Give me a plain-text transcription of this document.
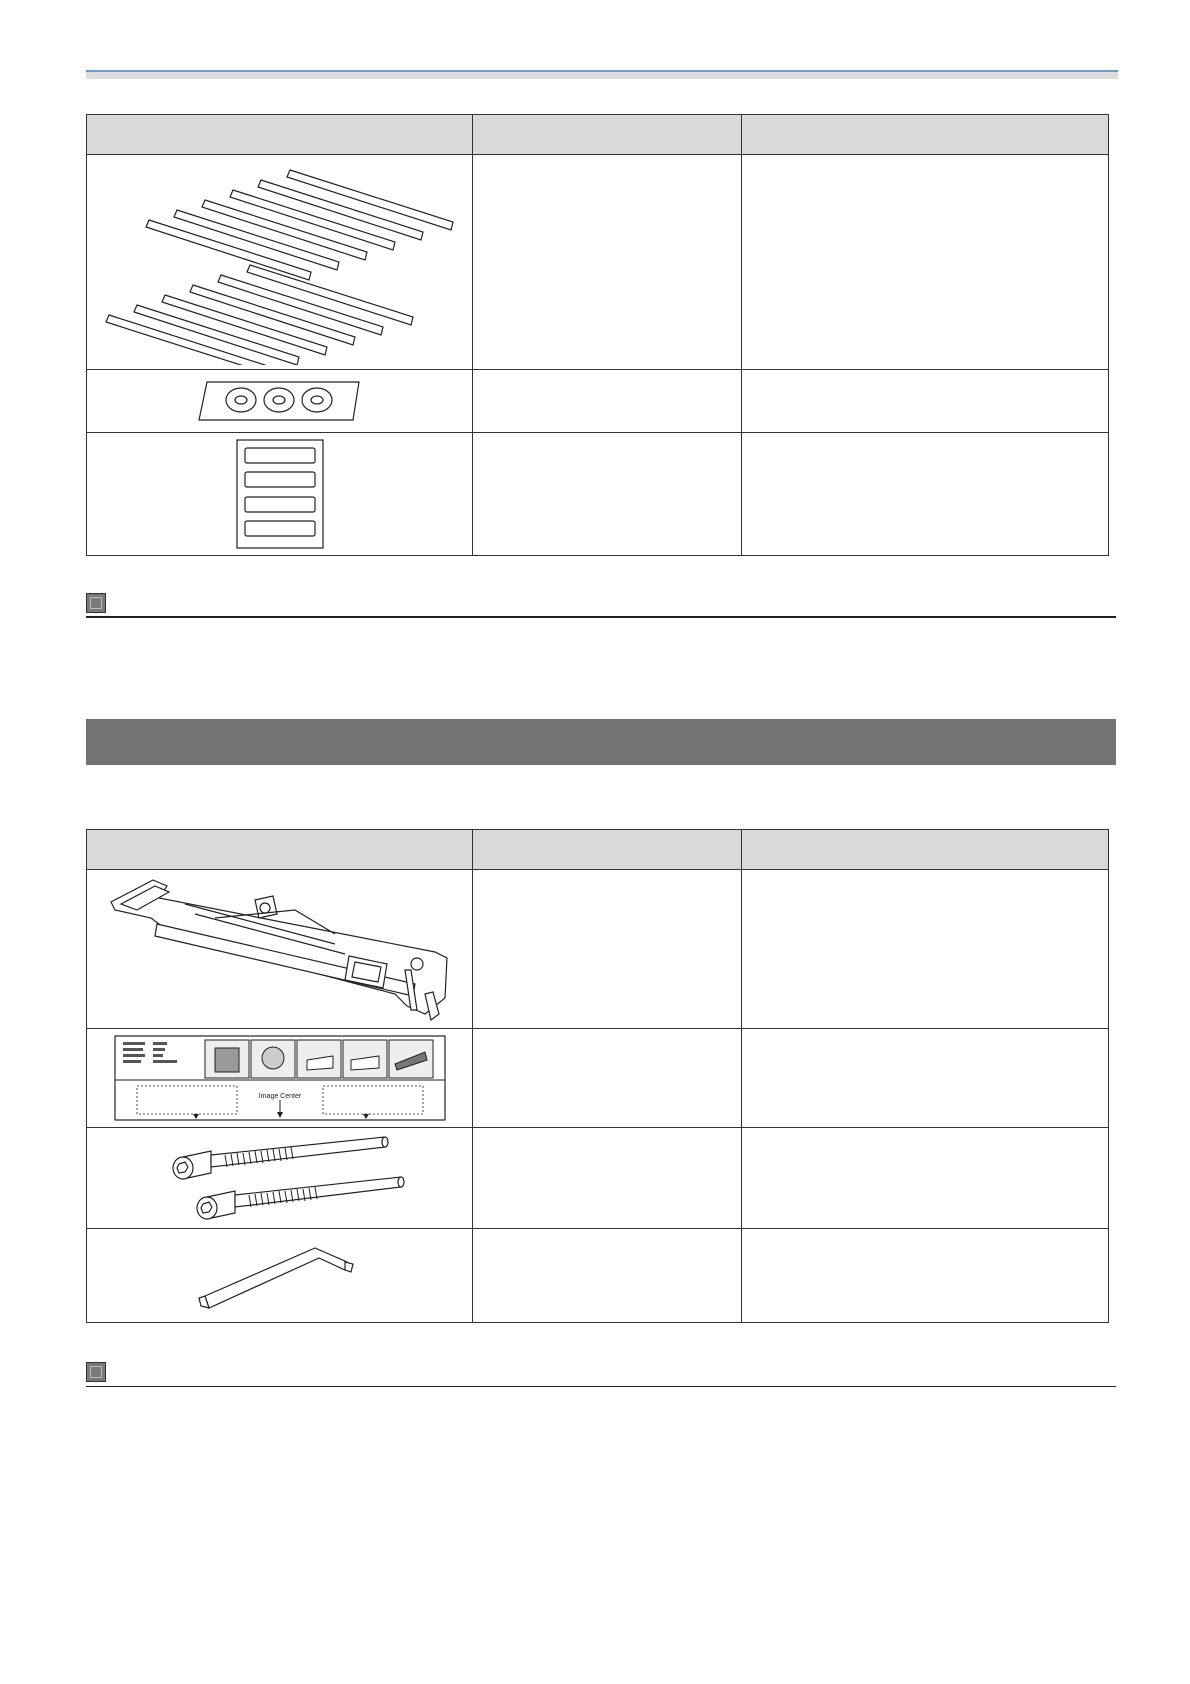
Image Center		
